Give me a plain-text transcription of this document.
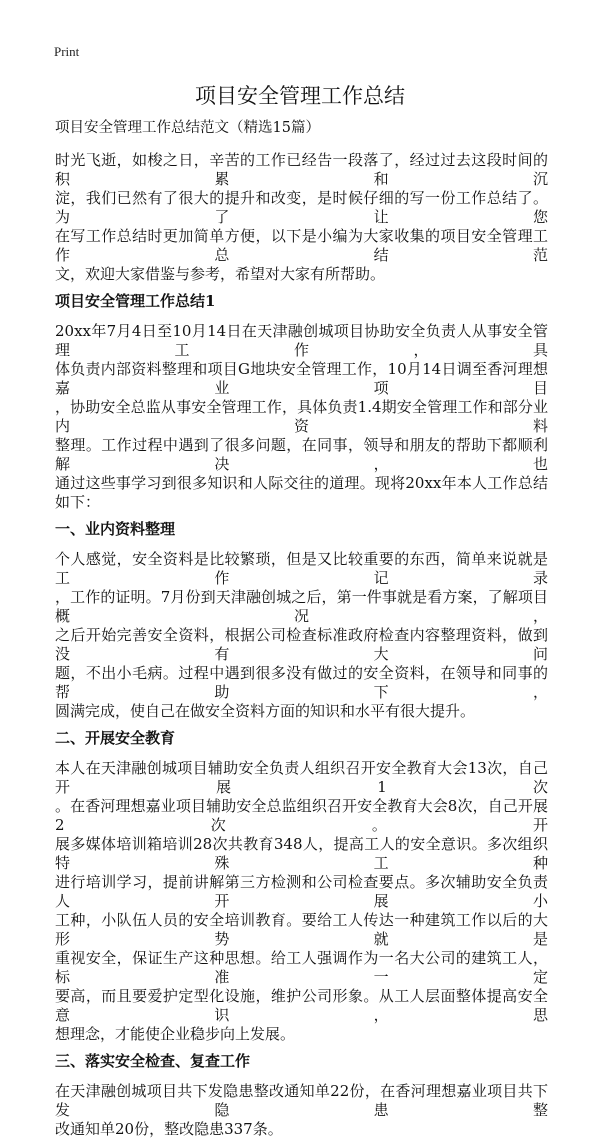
Print
项目安全管理工作总结
项目安全管理工作总结范文（精选15篇）
时光飞逝，如梭之日，辛苦的工作已经告一段落了，经过过去这段时间的积累和沉
淀，我们已然有了很大的提升和改变，是时候仔细的写一份工作总结了。为了让您
在写工作总结时更加简单方便，以下是小编为大家收集的项目安全管理工作总结范
文，欢迎大家借鉴与参考，希望对大家有所帮助。
项目安全管理工作总结1
20xx年7月4日至10月14日在天津融创城项目协助安全负责人从事安全管理工作，具
体负责内部资料整理和项目G地块安全管理工作，10月14日调至香河理想嘉业项目
，协助安全总监从事安全管理工作，具体负责1.4期安全管理工作和部分业内资料
整理。工作过程中遇到了很多问题，在同事，领导和朋友的帮助下都顺利解决，也
通过这些事学习到很多知识和人际交往的道理。现将20xx年本人工作总结如下：
一、业内资料整理
个人感觉，安全资料是比较繁琐，但是又比较重要的东西，简单来说就是工作记录
，工作的证明。7月份到天津融创城之后，第一件事就是看方案，了解项目概况，
之后开始完善安全资料，根据公司检查标准政府检查内容整理资料，做到没有大问
题，不出小毛病。过程中遇到很多没有做过的安全资料，在领导和同事的帮助下，
圆满完成，使自己在做安全资料方面的知识和水平有很大提升。
二、开展安全教育
本人在天津融创城项目辅助安全负责人组织召开安全教育大会13次，自己开展1次
。在香河理想嘉业项目辅助安全总监组织召开安全教育大会8次，自己开展2次。开
展多媒体培训箱培训28次共教育348人，提高工人的安全意识。多次组织特殊工种
进行培训学习，提前讲解第三方检测和公司检查要点。多次辅助安全负责人开展小
工种，小队伍人员的安全培训教育。要给工人传达一种建筑工作以后的大形势就是
重视安全，保证生产这种思想。给工人强调作为一名大公司的建筑工人，标准一定
要高，而且要爱护定型化设施，维护公司形象。从工人层面整体提高安全意识，思
想理念，才能使企业稳步向上发展。
三、落实安全检查、复查工作
在天津融创城项目共下发隐患整改通知单22份，在香河理想嘉业项目共下发隐患整
改通知单20份，整改隐患337条。
